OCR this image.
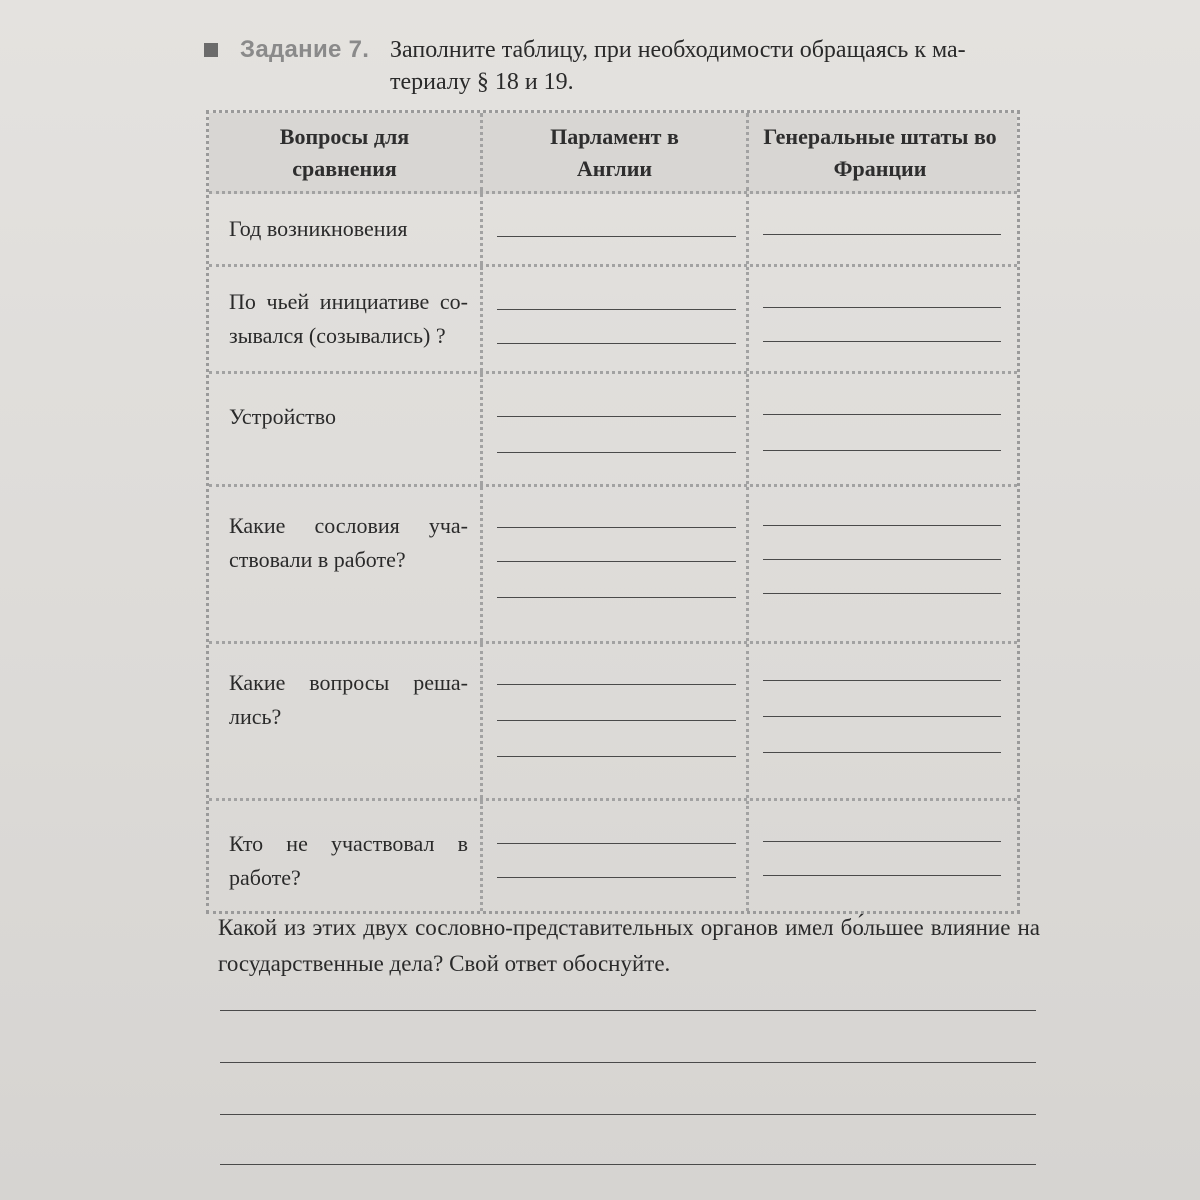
Задание 7. Заполните таблицу, при необходимости обращаясь к ма-
териалу § 18 и 19.
Вопросы для сравнения
Парламент в Англии
Генеральные штаты во Франции
Год возникновения
По чьей инициативе со-зывался (созывались) ?
Устройство
Какие сословия уча-ствовали в работе?
Какие вопросы реша-лись?
Кто не участвовал в работе?
Какой из этих двух сословно-представительных органов имел бо́льшее влияние на государственные дела? Свой ответ обоснуйте.
